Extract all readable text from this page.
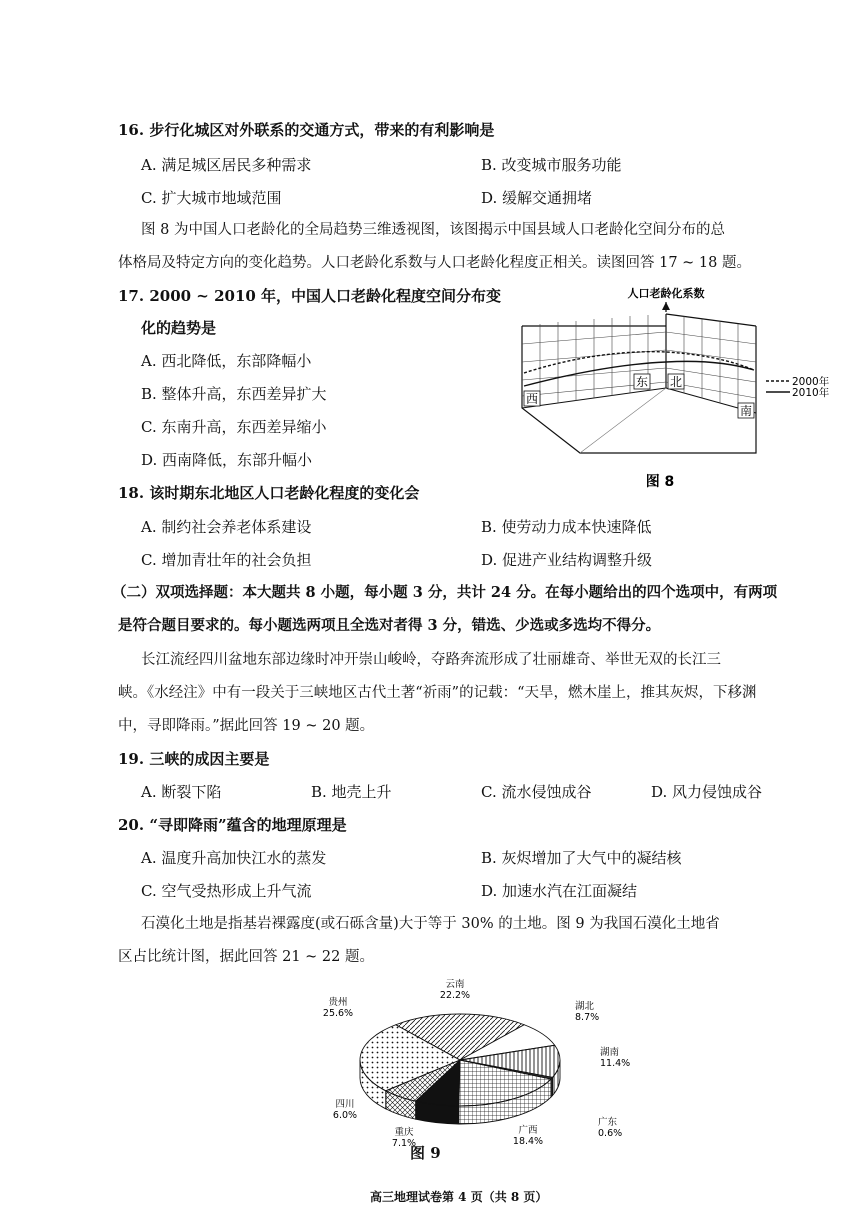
16. 步行化城区对外联系的交通方式，带来的有利影响是
A. 满足城区居民多种需求	B. 改变城市服务功能
C. 扩大城市地域范围	D. 缓解交通拥堵
图 8 为中国人口老龄化的全局趋势三维透视图，该图揭示中国县域人口老龄化空间分布的总
体格局及特定方向的变化趋势。人口老龄化系数与人口老龄化程度正相关。读图回答 17 ~ 18 题。
17. 2000 ~ 2010 年，中国人口老龄化程度空间分布变
化的趋势是
A. 西北降低，东部降幅小
B. 整体升高，东西差异扩大
C. 东南升高，东西差异缩小
D. 西南降低，东部升幅小
人口老龄化系数
西
东 北
南
2000年
2010年
图 8
18. 该时期东北地区人口老龄化程度的变化会
A. 制约社会养老体系建设	B. 使劳动力成本快速降低
C. 增加青壮年的社会负担	D. 促进产业结构调整升级
（二）双项选择题：本大题共 8 小题，每小题 3 分，共计 24 分。在每小题给出的四个选项中，有两项
是符合题目要求的。每小题选两项且全选对者得 3 分，错选、少选或多选均不得分。
长江流经四川盆地东部边缘时冲开崇山峻岭，夺路奔流形成了壮丽雄奇、举世无双的长江三
峡。《水经注》中有一段关于三峡地区古代土著“祈雨”的记载：“天旱，燃木崖上，推其灰烬，下移渊
中，寻即降雨。”据此回答 19 ~ 20 题。
19. 三峡的成因主要是
A. 断裂下陷	B. 地壳上升	C. 流水侵蚀成谷	D. 风力侵蚀成谷
20. “寻即降雨”蕴含的地理原理是
A. 温度升高加快江水的蒸发	B. 灰烬增加了大气中的凝结核
C. 空气受热形成上升气流	D. 加速水汽在江面凝结
石漠化土地是指基岩裸露度(或石砾含量)大于等于 30% 的土地。图 9 为我国石漠化土地省
区占比统计图，据此回答 21 ~ 22 题。
云南
22.2%
湖北
8.7%
湖南
11.4%
广东
0.6%
广西
18.4%
重庆
7.1%
四川
6.0%
贵州
25.6%
图 9
高三地理试卷第 4 页（共 8 页）
